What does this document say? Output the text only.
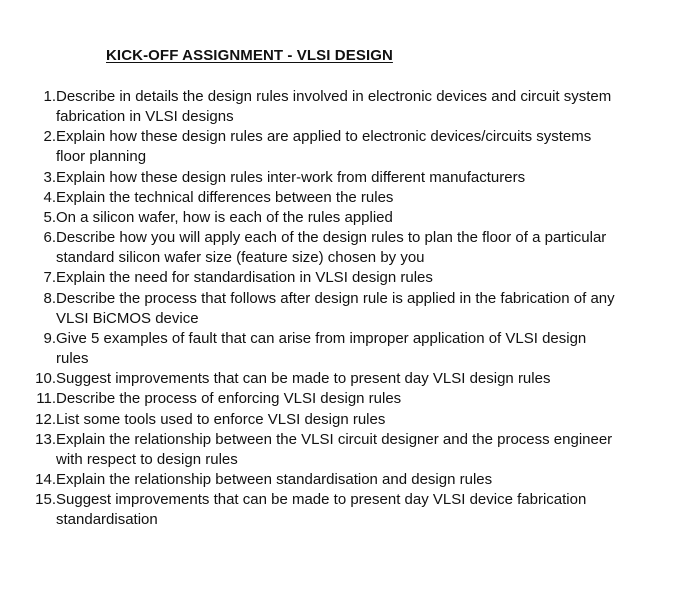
KICK-OFF ASSIGNMENT - VLSI DESIGN
1. Describe in details the design rules involved in electronic devices and circuit system
fabrication in VLSI designs
2. Explain how these design rules are applied to electronic devices/circuits systems
floor planning
3. Explain how these design rules inter-work from different manufacturers
4. Explain the technical differences between the rules
5. On a silicon wafer, how is each of the rules applied
6. Describe how you will apply each of the design rules to plan the floor of a particular
standard silicon wafer size (feature size) chosen by you
7. Explain the need for standardisation in VLSI design rules
8. Describe the process that follows after design rule is applied in the fabrication of any
VLSI BiCMOS device
9. Give 5 examples of fault that can arise from improper application of VLSI design
rules
10. Suggest improvements that can be made to present day VLSI design rules
11. Describe the process of enforcing VLSI design rules
12. List some tools used to enforce VLSI design rules
13. Explain the relationship between the VLSI circuit designer and the process engineer
with respect to design rules
14. Explain the relationship between standardisation and design rules
15. Suggest improvements that can be made to present day VLSI device fabrication
standardisation
